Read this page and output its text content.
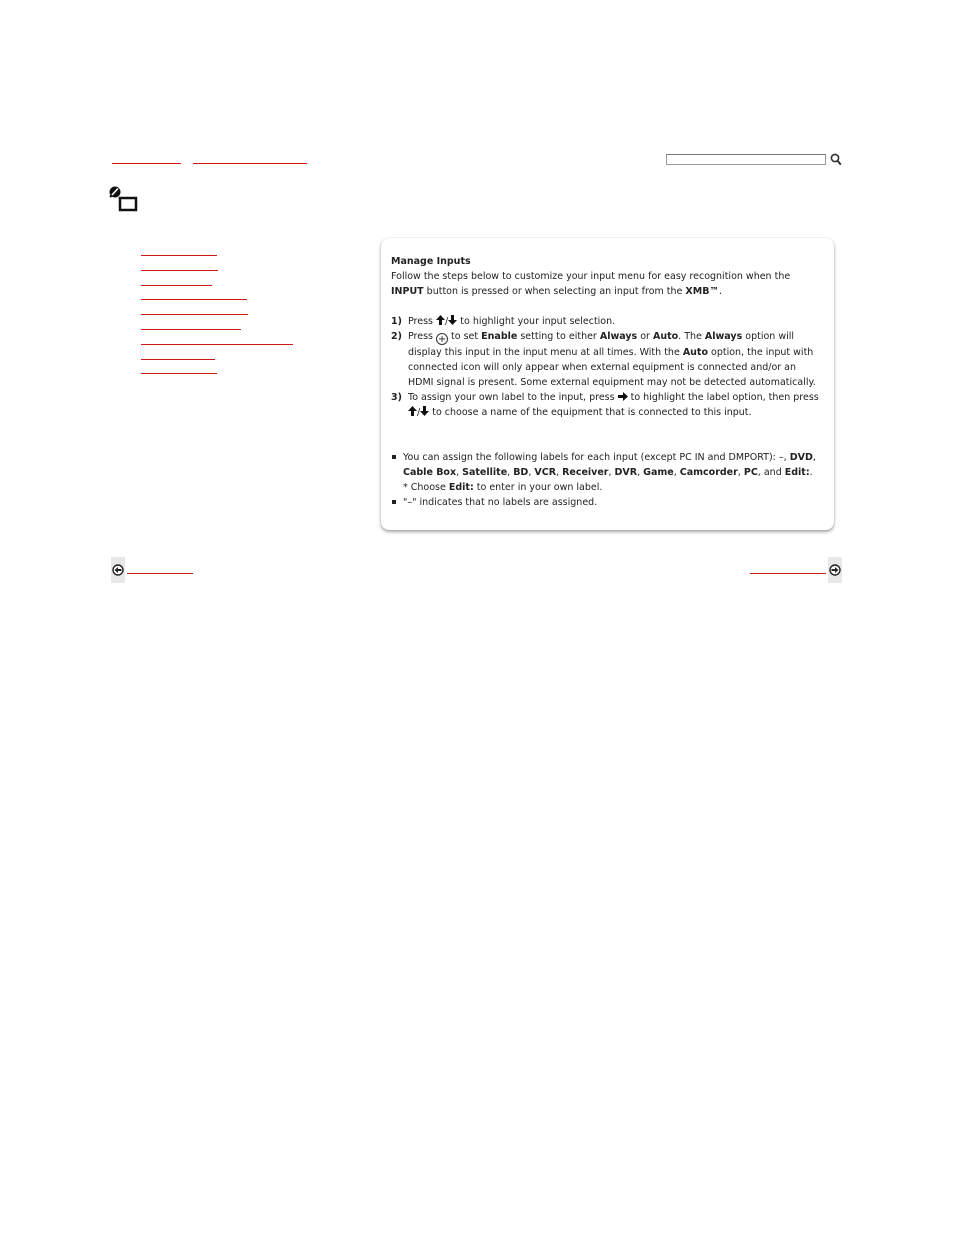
Manage Inputs

Follow the steps below to customize your input menu for easy recognition when the INPUT button is pressed or when selecting an input from the XMB™.

1) Press / to highlight your input selection.
2) Press + to set Enable setting to either Always or Auto. The Always option will display this input in the input menu at all times. With the Auto option, the input with connected icon will only appear when external equipment is connected and/or an HDMI signal is present. Some external equipment may not be detected automatically.
3) To assign your own label to the input, press  to highlight the label option, then press / to choose a name of the equipment that is connected to this input.
You can assign the following labels for each input (except PC IN and DMPORT): –, DVD, Cable Box, Satellite, BD, VCR, Receiver, DVR, Game, Camcorder, PC, and Edit:.
* Choose Edit: to enter in your own label.
"–" indicates that no labels are assigned.
